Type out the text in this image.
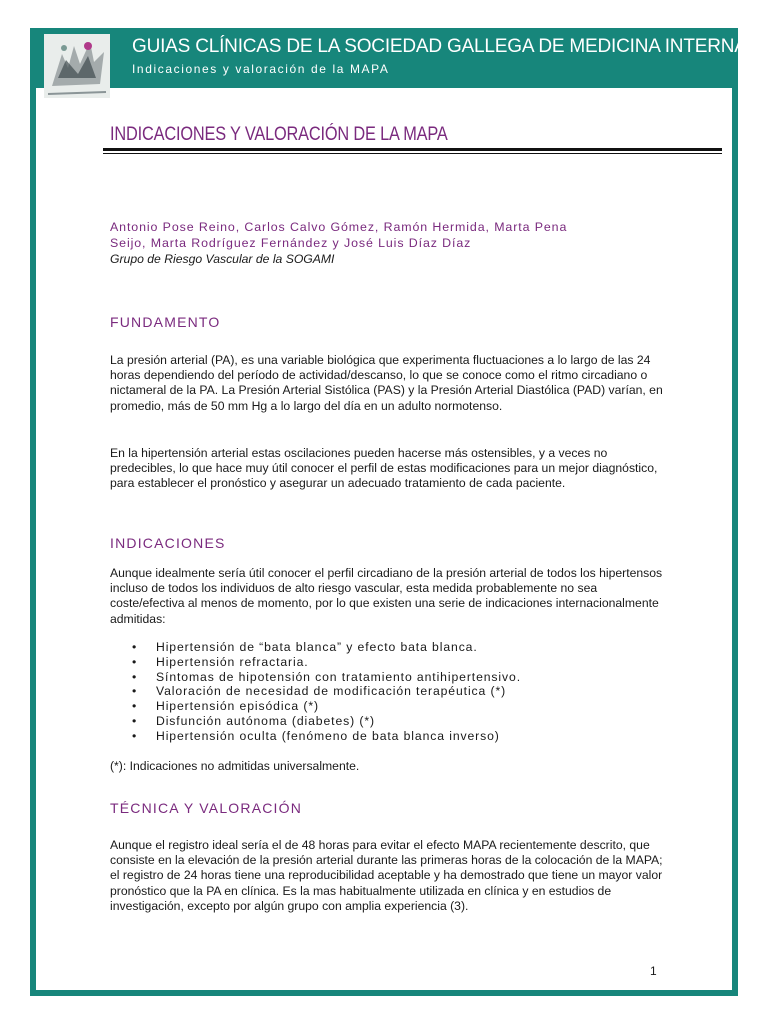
GUIAS CLÍNICAS DE LA SOCIEDAD GALLEGA DE MEDICINA INTERNA
Indicaciones y valoración de la MAPA
INDICACIONES Y VALORACIÓN DE LA MAPA

Antonio Pose Reino, Carlos Calvo Gómez, Ramón Hermida, Marta Pena
Seijo, Marta Rodríguez Fernández y José Luis Díaz Díaz

Grupo de Riesgo Vascular de la SOGAMI

FUNDAMENTO

La presión arterial (PA), es una variable biológica que experimenta fluctuaciones a lo largo de las 24 horas dependiendo del período de actividad/descanso, lo que se conoce como el ritmo circadiano o nictameral de la PA. La Presión Arterial Sistólica (PAS) y la Presión Arterial Diastólica (PAD) varían, en promedio, más de 50 mm Hg a lo largo del día en un adulto normotenso.

En la hipertensión arterial estas oscilaciones pueden hacerse más ostensibles, y a veces no predecibles, lo que hace muy útil conocer el perfil de estas modificaciones para un mejor diagnóstico, para establecer el pronóstico y asegurar un adecuado tratamiento de cada paciente.

INDICACIONES

Aunque idealmente sería útil conocer el perfil circadiano de la presión arterial de todos los hipertensos incluso de todos los individuos de alto riesgo vascular, esta medida probablemente no sea coste/efectiva al menos de momento, por lo que existen una serie de indicaciones internacionalmente admitidas:

• Hipertensión de “bata blanca” y efecto bata blanca.
• Hipertensión refractaria.
• Síntomas de hipotensión con tratamiento antihipertensivo.
• Valoración de necesidad de modificación terapéutica (*)
• Hipertensión episódica (*)
• Disfunción autónoma (diabetes) (*)
• Hipertensión oculta (fenómeno de bata blanca inverso)

(*): Indicaciones no admitidas universalmente.

TÉCNICA Y VALORACIÓN

Aunque el registro ideal sería el de 48 horas para evitar el efecto MAPA recientemente descrito, que consiste en la elevación de la presión arterial durante las primeras horas de la colocación de la MAPA; el registro de 24 horas tiene una reproducibilidad aceptable y ha demostrado que tiene un mayor valor pronóstico que la PA en clínica. Es la mas habitualmente utilizada en clínica y en estudios de investigación, excepto por algún grupo con amplia experiencia (3).

1
